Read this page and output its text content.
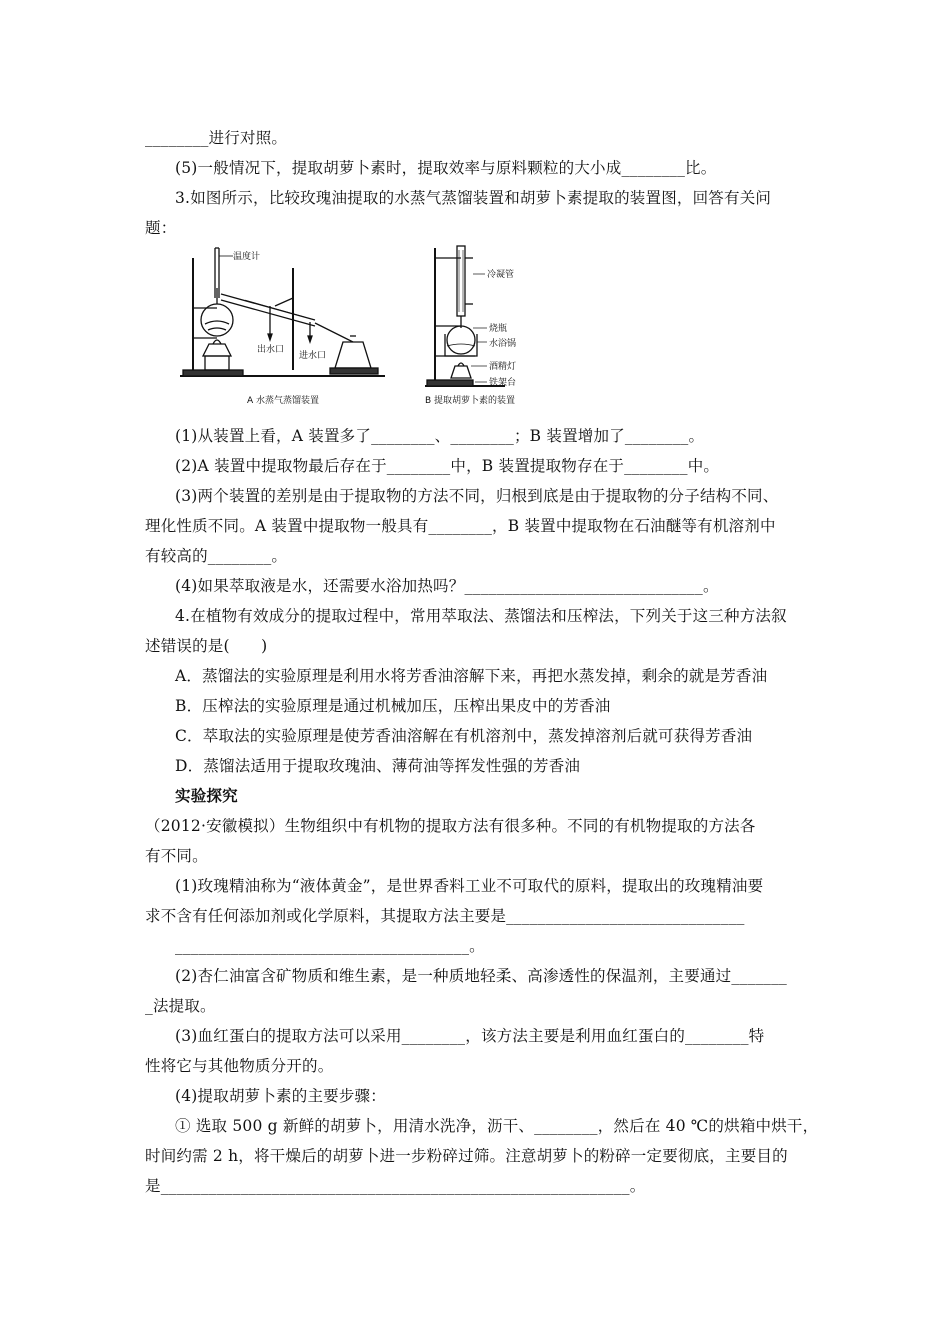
________进行对照。
(5)一般情况下，提取胡萝卜素时，提取效率与原料颗粒的大小成________比。
3.如图所示，比较玫瑰油提取的水蒸气蒸馏装置和胡萝卜素提取的装置图，回答有关问
题：
温度计
出水口
进水口
A 水蒸气蒸馏装置
冷凝管
烧瓶
水浴锅
酒精灯
铁架台
B 提取胡萝卜素的装置
(1)从装置上看，A 装置多了________、________；B 装置增加了________。
(2)A 装置中提取物最后存在于________中，B 装置提取物存在于________中。
(3)两个装置的差别是由于提取物的方法不同，归根到底是由于提取物的分子结构不同、
理化性质不同。A 装置中提取物一般具有________，B 装置中提取物在石油醚等有机溶剂中
有较高的________。
(4)如果萃取液是水，还需要水浴加热吗？______________________________。
4.在植物有效成分的提取过程中，常用萃取法、蒸馏法和压榨法，下列关于这三种方法叙
述错误的是(　　)
A．蒸馏法的实验原理是利用水将芳香油溶解下来，再把水蒸发掉，剩余的就是芳香油
B．压榨法的实验原理是通过机械加压，压榨出果皮中的芳香油
C．萃取法的实验原理是使芳香油溶解在有机溶剂中，蒸发掉溶剂后就可获得芳香油
D．蒸馏法适用于提取玫瑰油、薄荷油等挥发性强的芳香油
实验探究
（2012·安徽模拟）生物组织中有机物的提取方法有很多种。不同的有机物提取的方法各
有不同。
(1)玫瑰精油称为“液体黄金”，是世界香料工业不可取代的原料，提取出的玫瑰精油要
求不含有任何添加剂或化学原料，其提取方法主要是______________________________
_____________________________________。
(2)杏仁油富含矿物质和维生素，是一种质地轻柔、高渗透性的保温剂，主要通过_______
_法提取。
(3)血红蛋白的提取方法可以采用________，该方法主要是利用血红蛋白的________特
性将它与其他物质分开的。
(4)提取胡萝卜素的主要步骤：
① 选取 500 g 新鲜的胡萝卜，用清水洗净，沥干、________，然后在 40 ℃的烘箱中烘干，
时间约需 2 h，将干燥后的胡萝卜进一步粉碎过筛。注意胡萝卜的粉碎一定要彻底，主要目的
是___________________________________________________________。
